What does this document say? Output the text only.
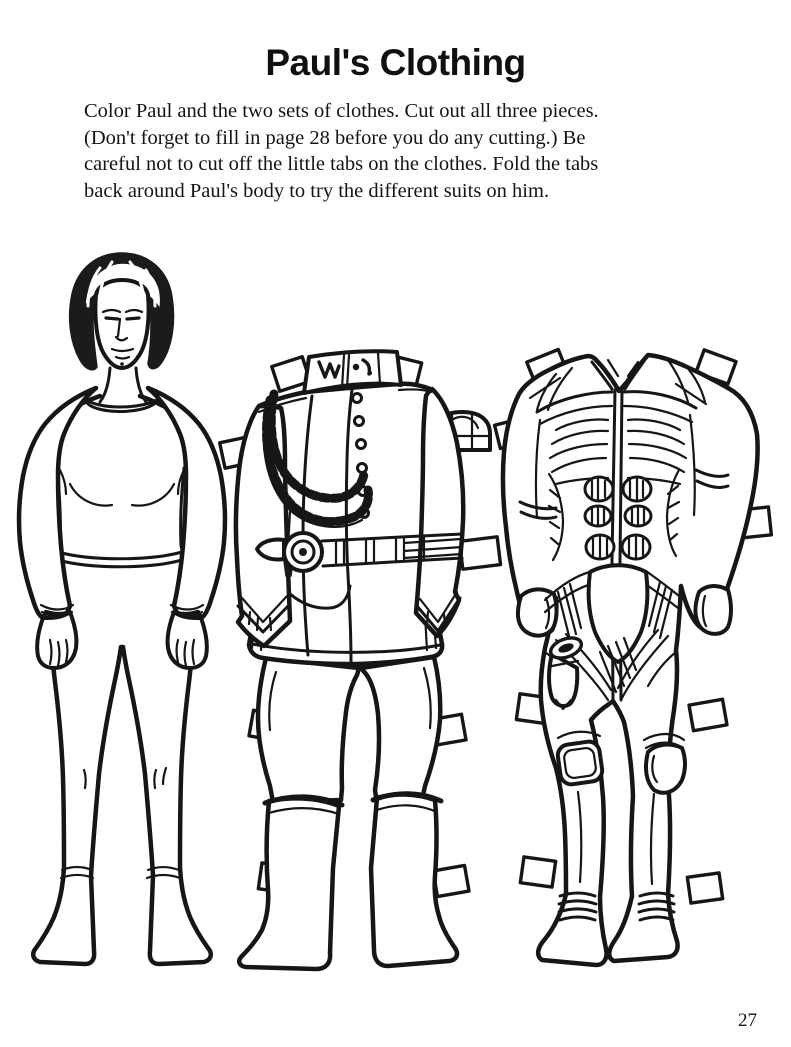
Paul's Clothing
Color Paul and the two sets of clothes. Cut out all three pieces.
(Don't forget to fill in page 28 before you do any cutting.) Be
careful not to cut off the little tabs on the clothes. Fold the tabs
back around Paul's body to try the different suits on him.
27
